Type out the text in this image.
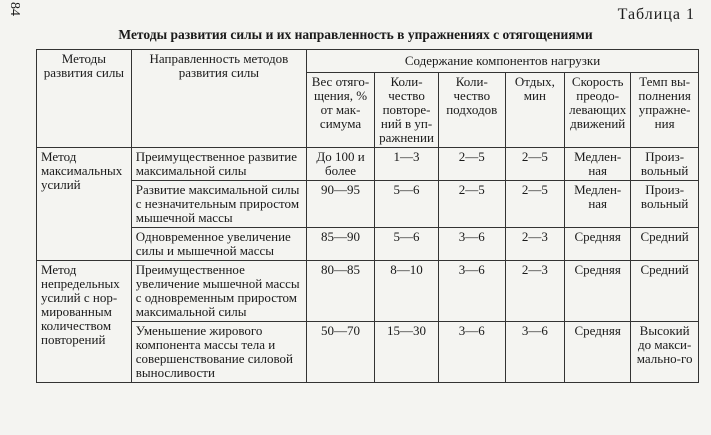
84	Таблица 1
Методы развития силы и их направленность в упражнениях с отягощениями
Методы развития силы	Направленность методов развития силы	Содержание компонентов нагрузки					
		Вес отяго-щения, % от мак-симума	Коли-чество повторе-ний в уп-ражнении	Коли-чество подходов	Отдых, мин	Скорость преодо-левающих движений	Темп вы-полнения упражне-ния
Метод максимальных усилий	Преимущественное развитие максимальной силы	До 100 и более	1—3	2—5	2—5	Медлен-ная	Произ-вольный
	Развитие максимальной силы с незначительным приростом мышечной массы	90—95	5—6	2—5	2—5	Медлен-ная	Произ-вольный
	Одновременное увеличение силы и мышечной массы	85—90	5—6	3—6	2—3	Средняя	Средний
Метод непредельных усилий с нор-мированным количеством повторений	Преимущественное увеличение мышечной массы с одновременным приростом максимальной силы	80—85	8—10	3—6	2—3	Средняя	Средний
	Уменьшение жирового компонента массы тела и совершенствование силовой выносливости	50—70	15—30	3—6	3—6	Средняя	Высокий до макси-мально-го
